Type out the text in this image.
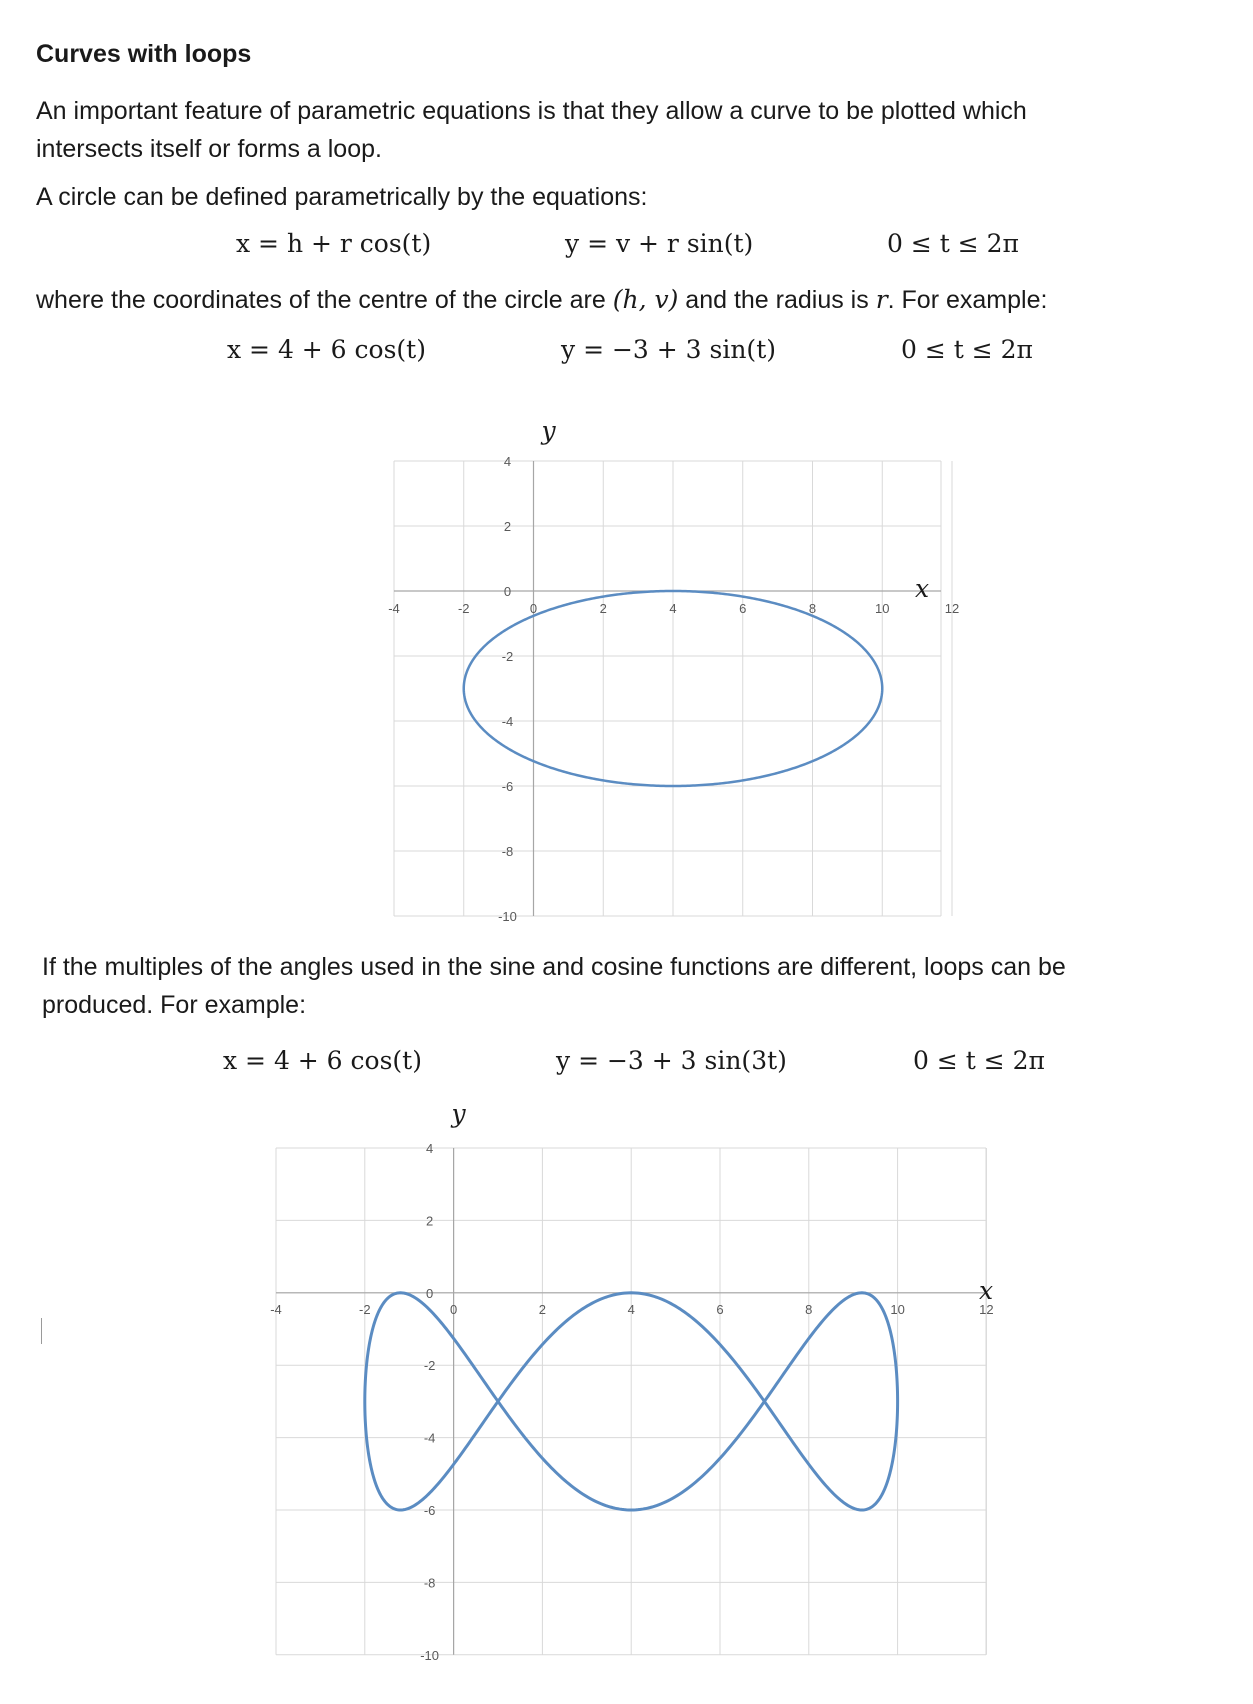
Curves with loops
An important feature of parametric equations is that they allow a curve to be plotted which
intersects itself or forms a loop.
A circle can be defined parametrically by the equations:
x = h + r cos(t)	y = v + r sin(t)	0 ≤ t ≤ 2π
where the coordinates of the centre of the circle are (h, v) and the radius is r. For example:
x = 4 + 6 cos(t)	y = −3 + 3 sin(t)	0 ≤ t ≤ 2π
-4	-2	0	2	4	6	8	10	12
4
2
0
-2
-4
-6
-8
-10
y
x
If the multiples of the angles used in the sine and cosine functions are different, loops can be
produced. For example:
x = 4 + 6 cos(t)	y = −3 + 3 sin(3t)	0 ≤ t ≤ 2π
-4	-2	0	2	4	6	8	10	12
4
2
0
-2
-4
-6
-8
-10
y
x
